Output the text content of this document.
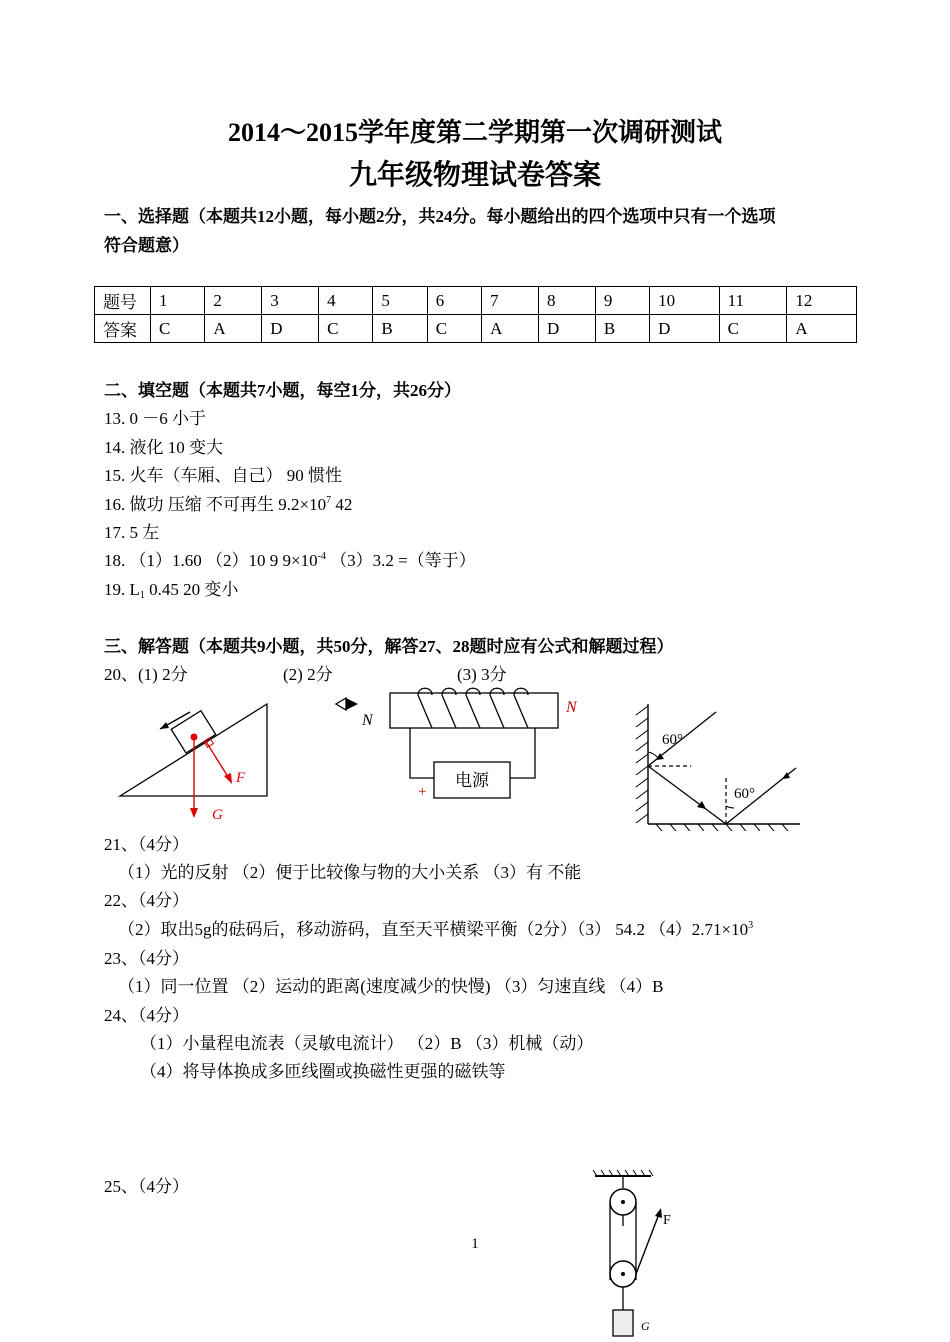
2014～2015学年度第二学期第一次调研测试
九年级物理试卷答案
一、选择题（本题共12小题，每小题2分，共24分。每小题给出的四个选项中只有一个选项
符合题意）
题号	1	2	3	4	5	6	7	8	9	10	11	12
答案	C	A	D	C	B	C	A	D	B	D	C	A
二、填空题（本题共7小题，每空1分，共26分）
13. 0 －6 小于
14. 液化 10 变大
15. 火车（车厢、自己） 90 惯性
16. 做功 压缩 不可再生 $9.2\times 10^7$ 42
17. 5 左
18. （1）1.60 （2）10 9 $9\times 10^{-4}$ （3）3.2 =（等于）
19. $L_1$ 0.45 20 变小
三、解答题（本题共9小题，共50分，解答27、28题时应有公式和解题过程）
20、(1) 2分	(2) 2分	(3) 3分
F
G
N
N
电源
+
60°
60°
21、（4分）
（1）光的反射 （2）便于比较像与物的大小关系 （3）有 不能
22、（4分）
（2）取出5g的砝码后，移动游码，直至天平横梁平衡（2分）（3） 54.2 $(4)2.71\times 10^3$
23、（4分）
（1）同一位置 （2）运动的距离(速度减少的快慢) （3）匀速直线 （4）B
24、（4分）
（1）小量程电流表（灵敏电流计） （2）B （3）机械（动）
（4）将导体换成多匝线圈或换磁性更强的磁铁等
25、（4分）
F
G
1
